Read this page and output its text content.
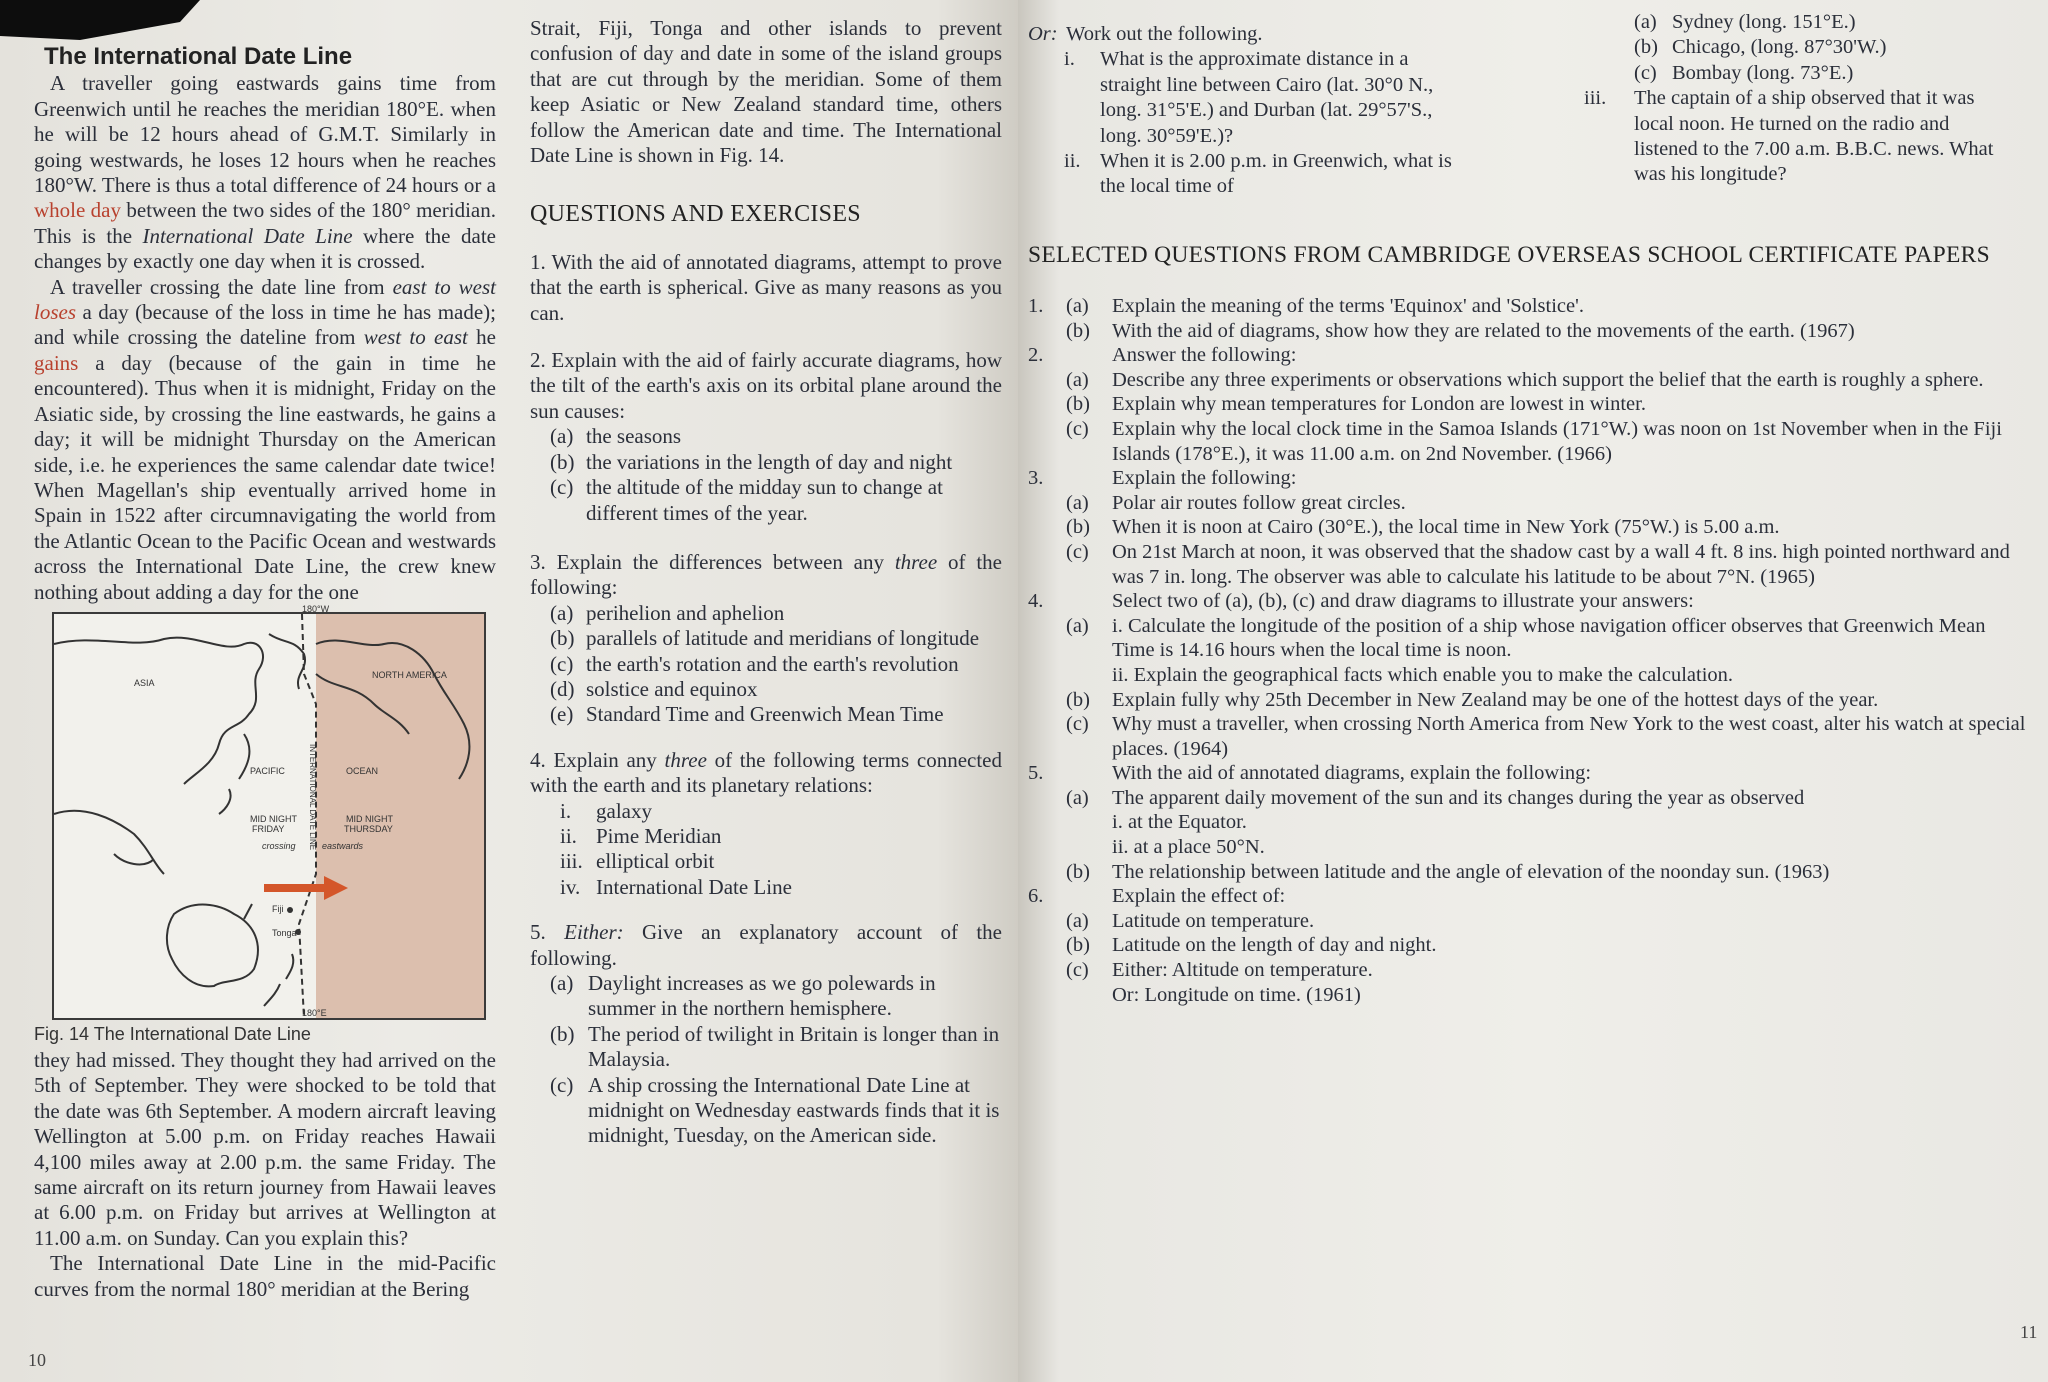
The International Date Line

A traveller going eastwards gains time from Greenwich until he reaches the meridian 180°E. when he will be 12 hours ahead of G.M.T. Similarly in going westwards, he loses 12 hours when he reaches 180°W. There is thus a total difference of 24 hours or a whole day between the two sides of the 180° meridian. This is the International Date Line where the date changes by exactly one day when it is crossed.

A traveller crossing the date line from east to west loses a day (because of the loss in time he has made); and while crossing the dateline from west to east he gains a day (because of the gain in time he encountered). Thus when it is midnight, Friday on the Asiatic side, by crossing the line eastwards, he gains a day; it will be midnight Thursday on the American side, i.e. he experiences the same calendar date twice! When Magellan's ship eventually arrived home in Spain in 1522 after circumnavigating the world from the Atlantic Ocean to the Pacific Ocean and westwards across the International Date Line, the crew knew nothing about adding a day for the one

180°W
ASIA
NORTH AMERICA
PACIFIC	OCEAN
MID NIGHT
FRIDAY
MID NIGHT
THURSDAY
crossing	eastwards
Fiji
Tonga
180°E
INTERNATIONAL DATE LINE
Fig. 14 The International Date Line

they had missed. They thought they had arrived on the 5th of September. They were shocked to be told that the date was 6th September. A modern aircraft leaving Wellington at 5.00 p.m. on Friday reaches Hawaii 4,100 miles away at 2.00 p.m. the same Friday. The same aircraft on its return journey from Hawaii leaves at 6.00 p.m. on Friday but arrives at Wellington at 11.00 a.m. on Sunday. Can you explain this?

The International Date Line in the mid-Pacific curves from the normal 180° meridian at the Bering

10

Strait, Fiji, Tonga and other islands to prevent confusion of day and date in some of the island groups that are cut through by the meridian. Some of them keep Asiatic or New Zealand standard time, others follow the American date and time. The International Date Line is shown in Fig. 14.

QUESTIONS AND EXERCISES

1. With the aid of annotated diagrams, attempt to prove that the earth is spherical. Give as many reasons as you can.

2. Explain with the aid of fairly accurate diagrams, how the tilt of the earth's axis on its orbital plane around the sun causes:

(a) the seasons
(b) the variations in the length of day and night
(c) the altitude of the midday sun to change at different times of the year.

3. Explain the differences between any three of the following:

(a) perihelion and aphelion
(b) parallels of latitude and meridians of longitude
(c) the earth's rotation and the earth's revolution
(d) solstice and equinox
(e) Standard Time and Greenwich Mean Time

4. Explain any three of the following terms connected with the earth and its planetary relations:

i.	galaxy
ii. Pime Meridian
iii. elliptical orbit
iv. International Date Line

5. Either: Give an explanatory account of the following.

(a) Daylight increases as we go polewards in summer in the northern hemisphere.
(b) The period of twilight in Britain is longer than in Malaysia.
(c) A ship crossing the International Date Line at midnight on Wednesday eastwards finds that it is midnight, Tuesday, on the American side.
Or: Work out the following.
i.	What is the approximate distance in a straight line between Cairo (lat. 30°0 N., long. 31°5'E.) and Durban (lat. 29°57'S., long. 30°59'E.)?
ii. When it is 2.00 p.m. in Greenwich, what is the local time of
(a) Sydney (long. 151°E.)
(b) Chicago, (long. 87°30'W.)
(c) Bombay (long. 73°E.)
iii.	The captain of a ship observed that it was local noon. He turned on the radio and listened to the 7.00 a.m. B.B.C. news. What was his longitude?
SELECTED QUESTIONS FROM CAMBRIDGE OVERSEAS SCHOOL CERTIFICATE PAPERS
1.	(a)	Explain the meaning of the terms 'Equinox' and 'Solstice'.
(b)	With the aid of diagrams, show how they are related to the movements of the earth. (1967)
2.	Answer the following:
(a)	Describe any three experiments or observations which support the belief that the earth is roughly a sphere.
(b)	Explain why mean temperatures for London are lowest in winter.
(c)	Explain why the local clock time in the Samoa Islands (171°W.) was noon on 1st November when in the Fiji Islands (178°E.), it was 11.00 a.m. on 2nd November. (1966)
3.	Explain the following:
(a)	Polar air routes follow great circles.
(b)	When it is noon at Cairo (30°E.), the local time in New York (75°W.) is 5.00 a.m.
(c)	On 21st March at noon, it was observed that the shadow cast by a wall 4 ft. 8 ins. high pointed northward and was 7 in. long. The observer was able to calculate his latitude to be about 7°N. (1965)
4.	Select two of (a), (b), (c) and draw diagrams to illustrate your answers:
(a)	i. Calculate the longitude of the position of a ship whose navigation officer observes that Greenwich Mean Time is 14.16 hours when the local time is noon.
ii. Explain the geographical facts which enable you to make the calculation.
(b)	Explain fully why 25th December in New Zealand may be one of the hottest days of the year.
(c)	Why must a traveller, when crossing North America from New York to the west coast, alter his watch at special places. (1964)
5.	With the aid of annotated diagrams, explain the following:
(a)	The apparent daily movement of the sun and its changes during the year as observed
i. at the Equator.
ii. at a place 50°N.
(b)	The relationship between latitude and the angle of elevation of the noonday sun. (1963)
6.	Explain the effect of:
(a)	Latitude on temperature.
(b)	Latitude on the length of day and night.
(c)	Either: Altitude on temperature.
Or: Longitude on time. (1961)
11
